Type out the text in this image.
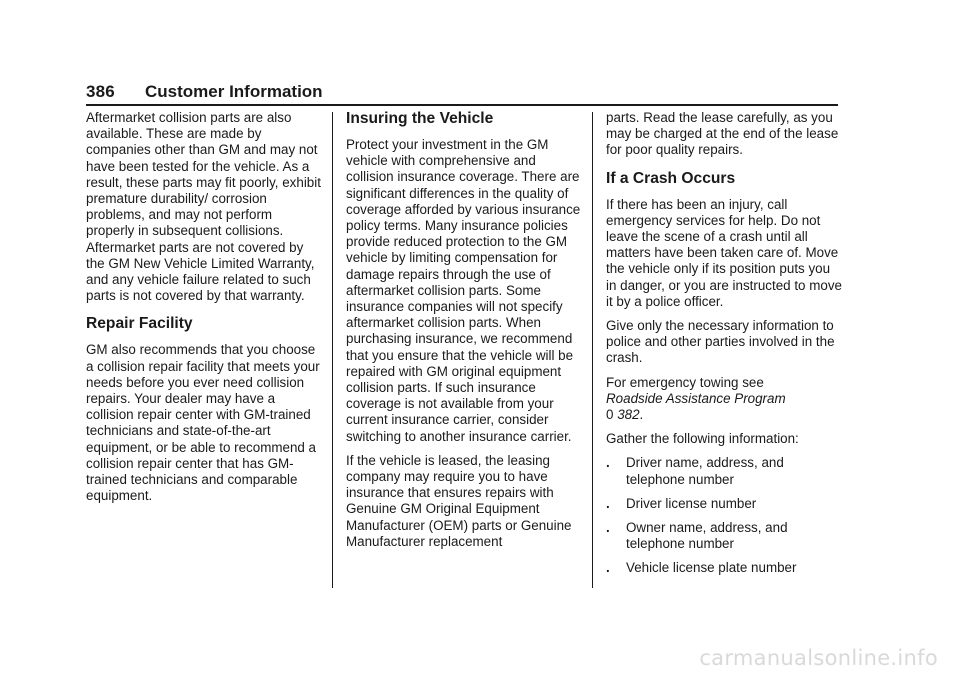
386 Customer Information

Aftermarket collision parts are also available. These are made by companies other than GM and may not have been tested for the vehicle. As a result, these parts may fit poorly, exhibit premature durability/ corrosion problems, and may not perform properly in subsequent collisions. Aftermarket parts are not covered by the GM New Vehicle Limited Warranty, and any vehicle failure related to such parts is not covered by that warranty.

Repair Facility

GM also recommends that you choose a collision repair facility that meets your needs before you ever need collision repairs. Your dealer may have a collision repair center with GM-trained technicians and state-of-the-art equipment, or be able to recommend a collision repair center that has GM-trained technicians and comparable equipment.

Insuring the Vehicle

Protect your investment in the GM vehicle with comprehensive and collision insurance coverage. There are significant differences in the quality of coverage afforded by various insurance policy terms. Many insurance policies provide reduced protection to the GM vehicle by limiting compensation for damage repairs through the use of aftermarket collision parts. Some insurance companies will not specify aftermarket collision parts. When purchasing insurance, we recommend that you ensure that the vehicle will be repaired with GM original equipment collision parts. If such insurance coverage is not available from your current insurance carrier, consider switching to another insurance carrier.

If the vehicle is leased, the leasing company may require you to have insurance that ensures repairs with Genuine GM Original Equipment Manufacturer (OEM) parts or Genuine Manufacturer replacement

parts. Read the lease carefully, as you may be charged at the end of the lease for poor quality repairs.

If a Crash Occurs

If there has been an injury, call emergency services for help. Do not leave the scene of a crash until all matters have been taken care of. Move the vehicle only if its position puts you in danger, or you are instructed to move it by a police officer.

Give only the necessary information to police and other parties involved in the crash.

For emergency towing see
Roadside Assistance Program
0 382.

Gather the following information:

. Driver name, address, and telephone number
. Driver license number
. Owner name, address, and telephone number
. Vehicle license plate number
carmanualsonline.info
